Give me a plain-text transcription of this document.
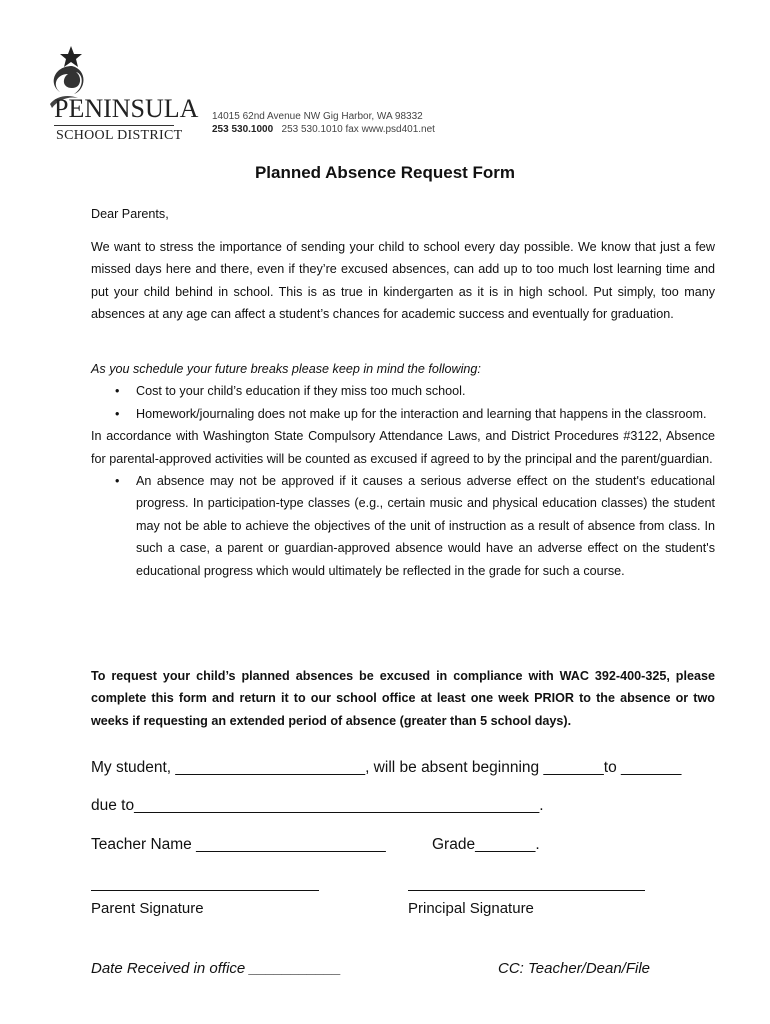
PENINSULA
SCHOOL DISTRICT
14015 62nd Avenue NW Gig Harbor, WA 98332
253 530.1000 253 530.1010 fax www.psd401.net
Planned Absence Request Form
Dear Parents,
We want to stress the importance of sending your child to school every day possible. We know that just a few missed days here and there, even if they’re excused absences, can add up to too much lost learning time and put your child behind in school. This is as true in kindergarten as it is in high school. Put simply, too many absences at any age can affect a student’s chances for academic success and eventually for graduation.
As you schedule your future breaks please keep in mind the following:
• Cost to your child’s education if they miss too much school.
• Homework/journaling does not make up for the interaction and learning that happens in the classroom.
In accordance with Washington State Compulsory Attendance Laws, and District Procedures #3122, Absence for parental-approved activities will be counted as excused if agreed to by the principal and the parent/guardian.
• An absence may not be approved if it causes a serious adverse effect on the student's educational progress. In participation-type classes (e.g., certain music and physical education classes) the student may not be able to achieve the objectives of the unit of instruction as a result of absence from class. In such a case, a parent or guardian-approved absence would have an adverse effect on the student's educational progress which would ultimately be reflected in the grade for such a course.
To request your child’s planned absences be excused in compliance with WAC 392-400-325, please complete this form and return it to our school office at least one week PRIOR to the absence or two weeks if requesting an extended period of absence (greater than 5 school days).
My student, ______________________, will be absent beginning _______to _______
due to_______________________________________________.
Teacher Name ______________________	Grade_______.
Parent Signature	Principal Signature
Date Received in office ___________	CC: Teacher/Dean/File
